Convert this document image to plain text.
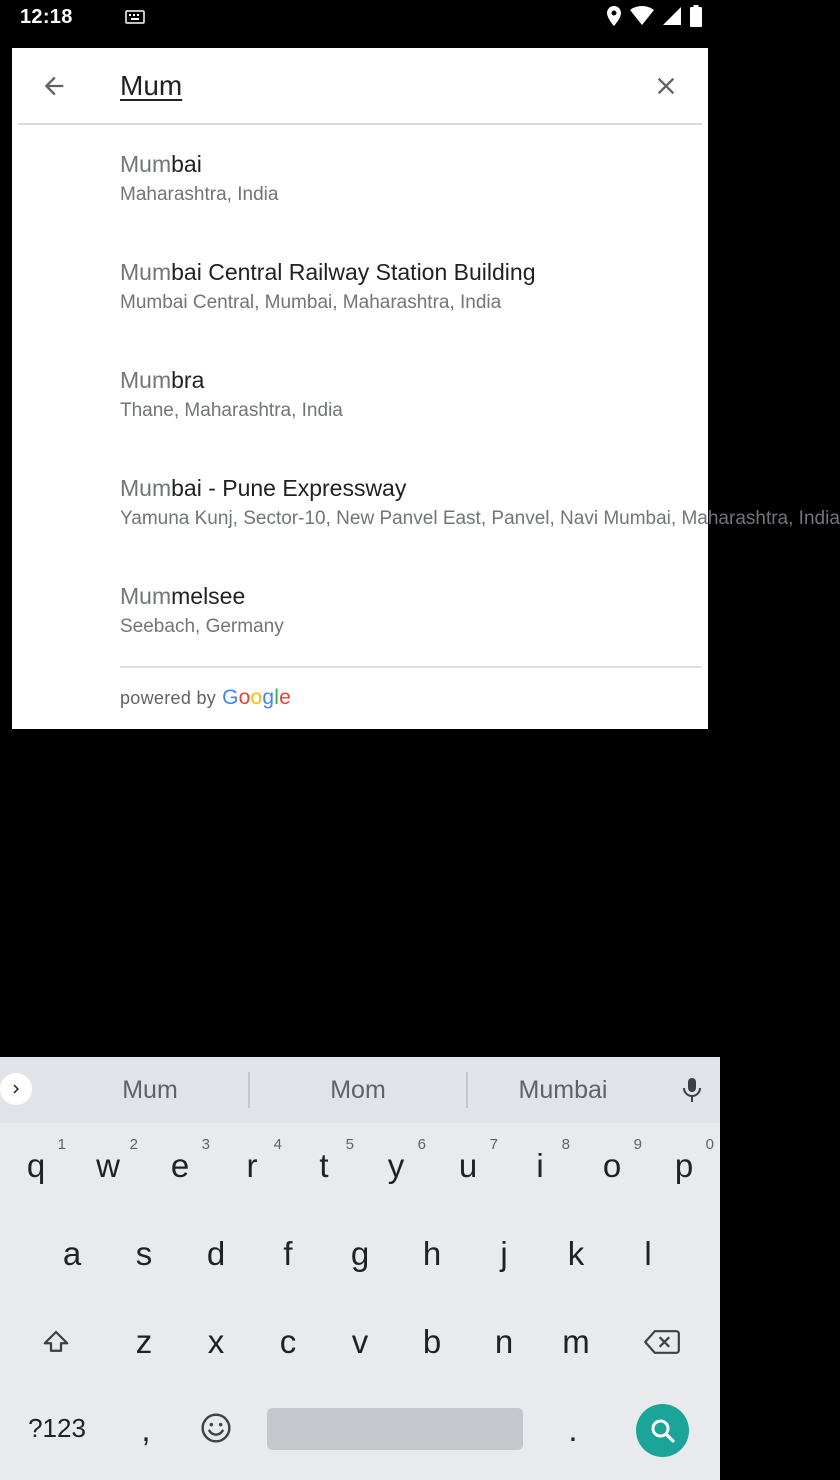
12:18
Mum
Mumbai
Maharashtra, India
Mumbai Central Railway Station Building
Mumbai Central, Mumbai, Maharashtra, India
Mumbra
Thane, Maharashtra, India
Mumbai - Pune Expressway
Yamuna Kunj, Sector-10, New Panvel East, Panvel, Navi Mumbai, Maharashtra, India
Mummelsee
Seebach, Germany
powered by Google
Mum	Mom	Mumbai
q
1
w
2
e
3
r
4
t
5
y
6
u
7
i
8
o
9
p
0
a s d f g h j k l
z x c v b n m
?123	,	.
